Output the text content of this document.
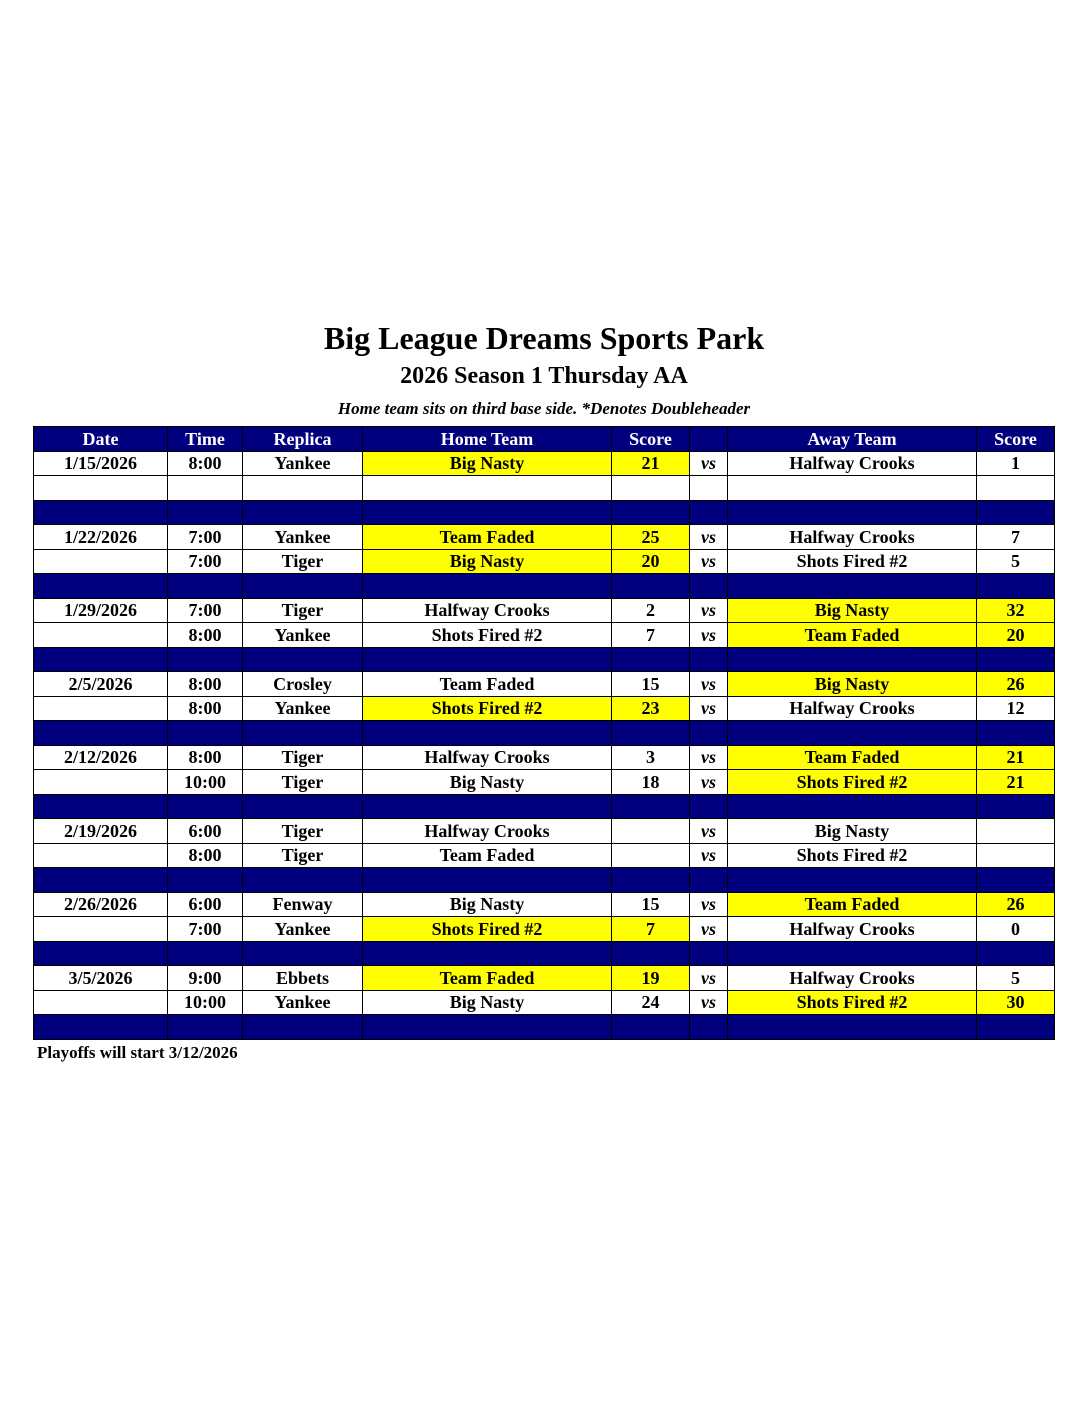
Big League Dreams Sports Park
2026 Season 1 Thursday AA
Home team sits on third base side. *Denotes Doubleheader
Date	Time	Replica	Home Team	Score		Away Team	Score
1/15/2026	8:00	Yankee	Big Nasty	21	vs	Halfway Crooks	1

1/22/2026	7:00	Yankee	Team Faded	25	vs	Halfway Crooks	7
	7:00	Tiger	Big Nasty	20	vs	Shots Fired #2	5

1/29/2026	7:00	Tiger	Halfway Crooks	2	vs	Big Nasty	32
	8:00	Yankee	Shots Fired #2	7	vs	Team Faded	20

2/5/2026	8:00	Crosley	Team Faded	15	vs	Big Nasty	26
	8:00	Yankee	Shots Fired #2	23	vs	Halfway Crooks	12

2/12/2026	8:00	Tiger	Halfway Crooks	3	vs	Team Faded	21
	10:00	Tiger	Big Nasty	18	vs	Shots Fired #2	21

2/19/2026	6:00	Tiger	Halfway Crooks		vs	Big Nasty	
	8:00	Tiger	Team Faded		vs	Shots Fired #2	

2/26/2026	6:00	Fenway	Big Nasty	15	vs	Team Faded	26
	7:00	Yankee	Shots Fired #2	7	vs	Halfway Crooks	0

3/5/2026	9:00	Ebbets	Team Faded	19	vs	Halfway Crooks	5
	10:00	Yankee	Big Nasty	24	vs	Shots Fired #2	30

Playoffs will start 3/12/2026
